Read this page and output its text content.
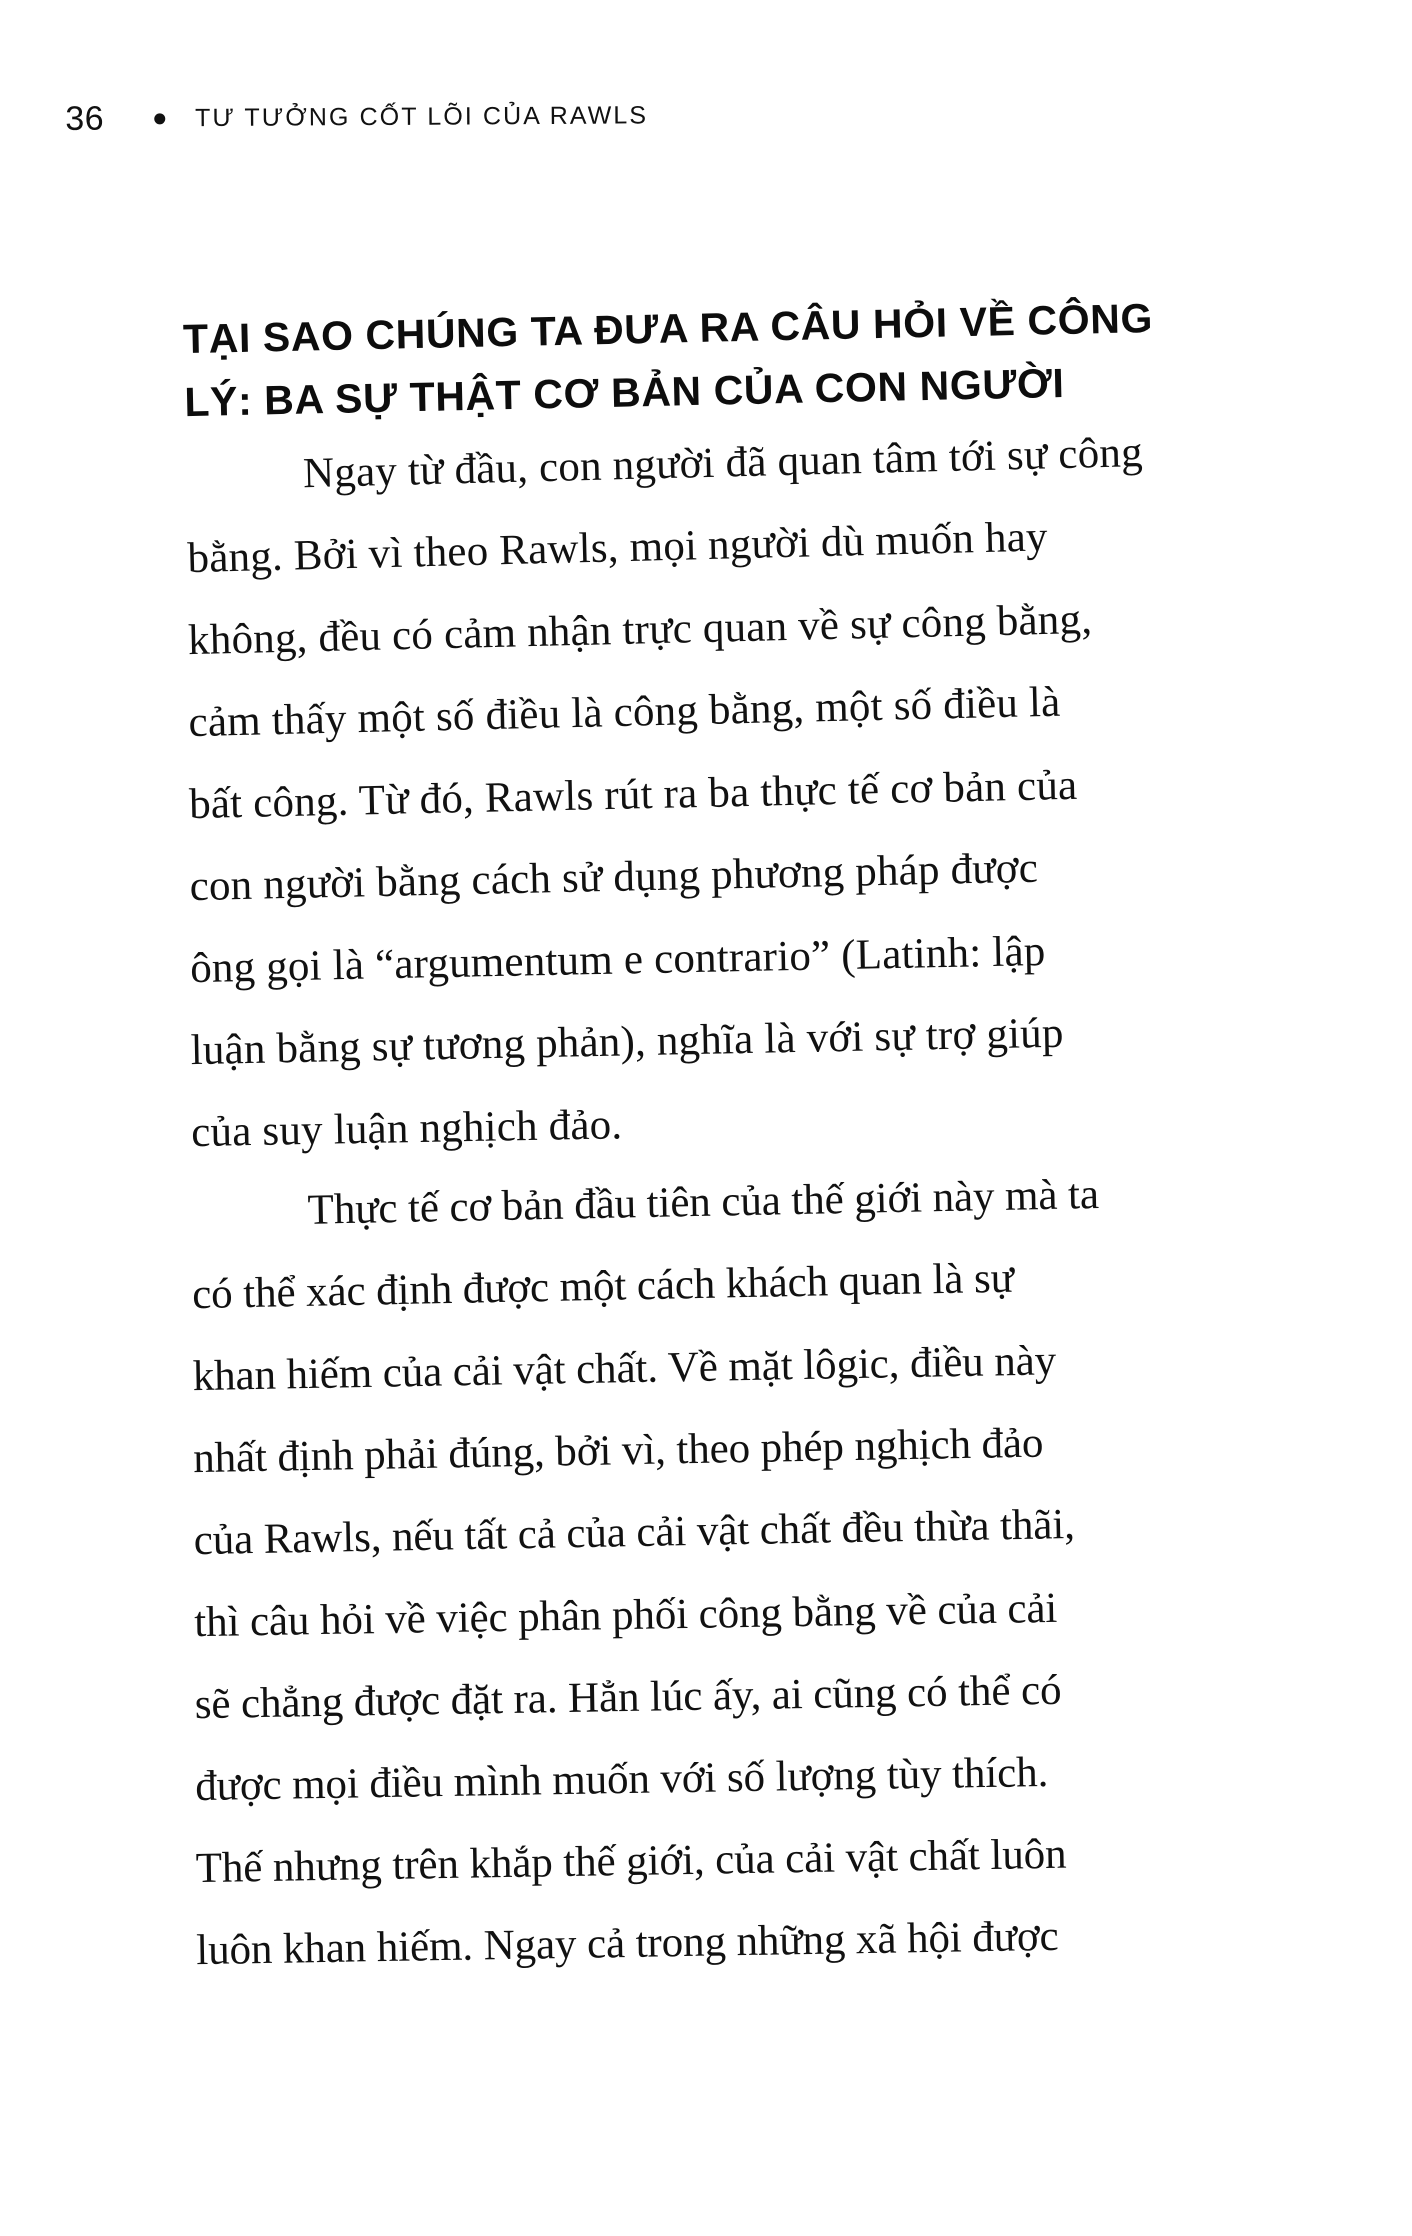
36	TƯ TƯỞNG CỐT LÕI CỦA RAWLS
TẠI SAO CHÚNG TA ĐƯA RA CÂU HỎI VỀ CÔNG
LÝ: BA SỰ THẬT CƠ BẢN CỦA CON NGƯỜI
Ngay từ đầu, con người đã quan tâm tới sự công
bằng. Bởi vì theo Rawls, mọi người dù muốn hay
không, đều có cảm nhận trực quan về sự công bằng,
cảm thấy một số điều là công bằng, một số điều là
bất công. Từ đó, Rawls rút ra ba thực tế cơ bản của
con người bằng cách sử dụng phương pháp được
ông gọi là “argumentum e contrario” (Latinh: lập
luận bằng sự tương phản), nghĩa là với sự trợ giúp
của suy luận nghịch đảo.
Thực tế cơ bản đầu tiên của thế giới này mà ta
có thể xác định được một cách khách quan là sự
khan hiếm của cải vật chất. Về mặt lôgic, điều này
nhất định phải đúng, bởi vì, theo phép nghịch đảo
của Rawls, nếu tất cả của cải vật chất đều thừa thãi,
thì câu hỏi về việc phân phối công bằng về của cải
sẽ chẳng được đặt ra. Hẳn lúc ấy, ai cũng có thể có
được mọi điều mình muốn với số lượng tùy thích.
Thế nhưng trên khắp thế giới, của cải vật chất luôn
luôn khan hiếm. Ngay cả trong những xã hội được
